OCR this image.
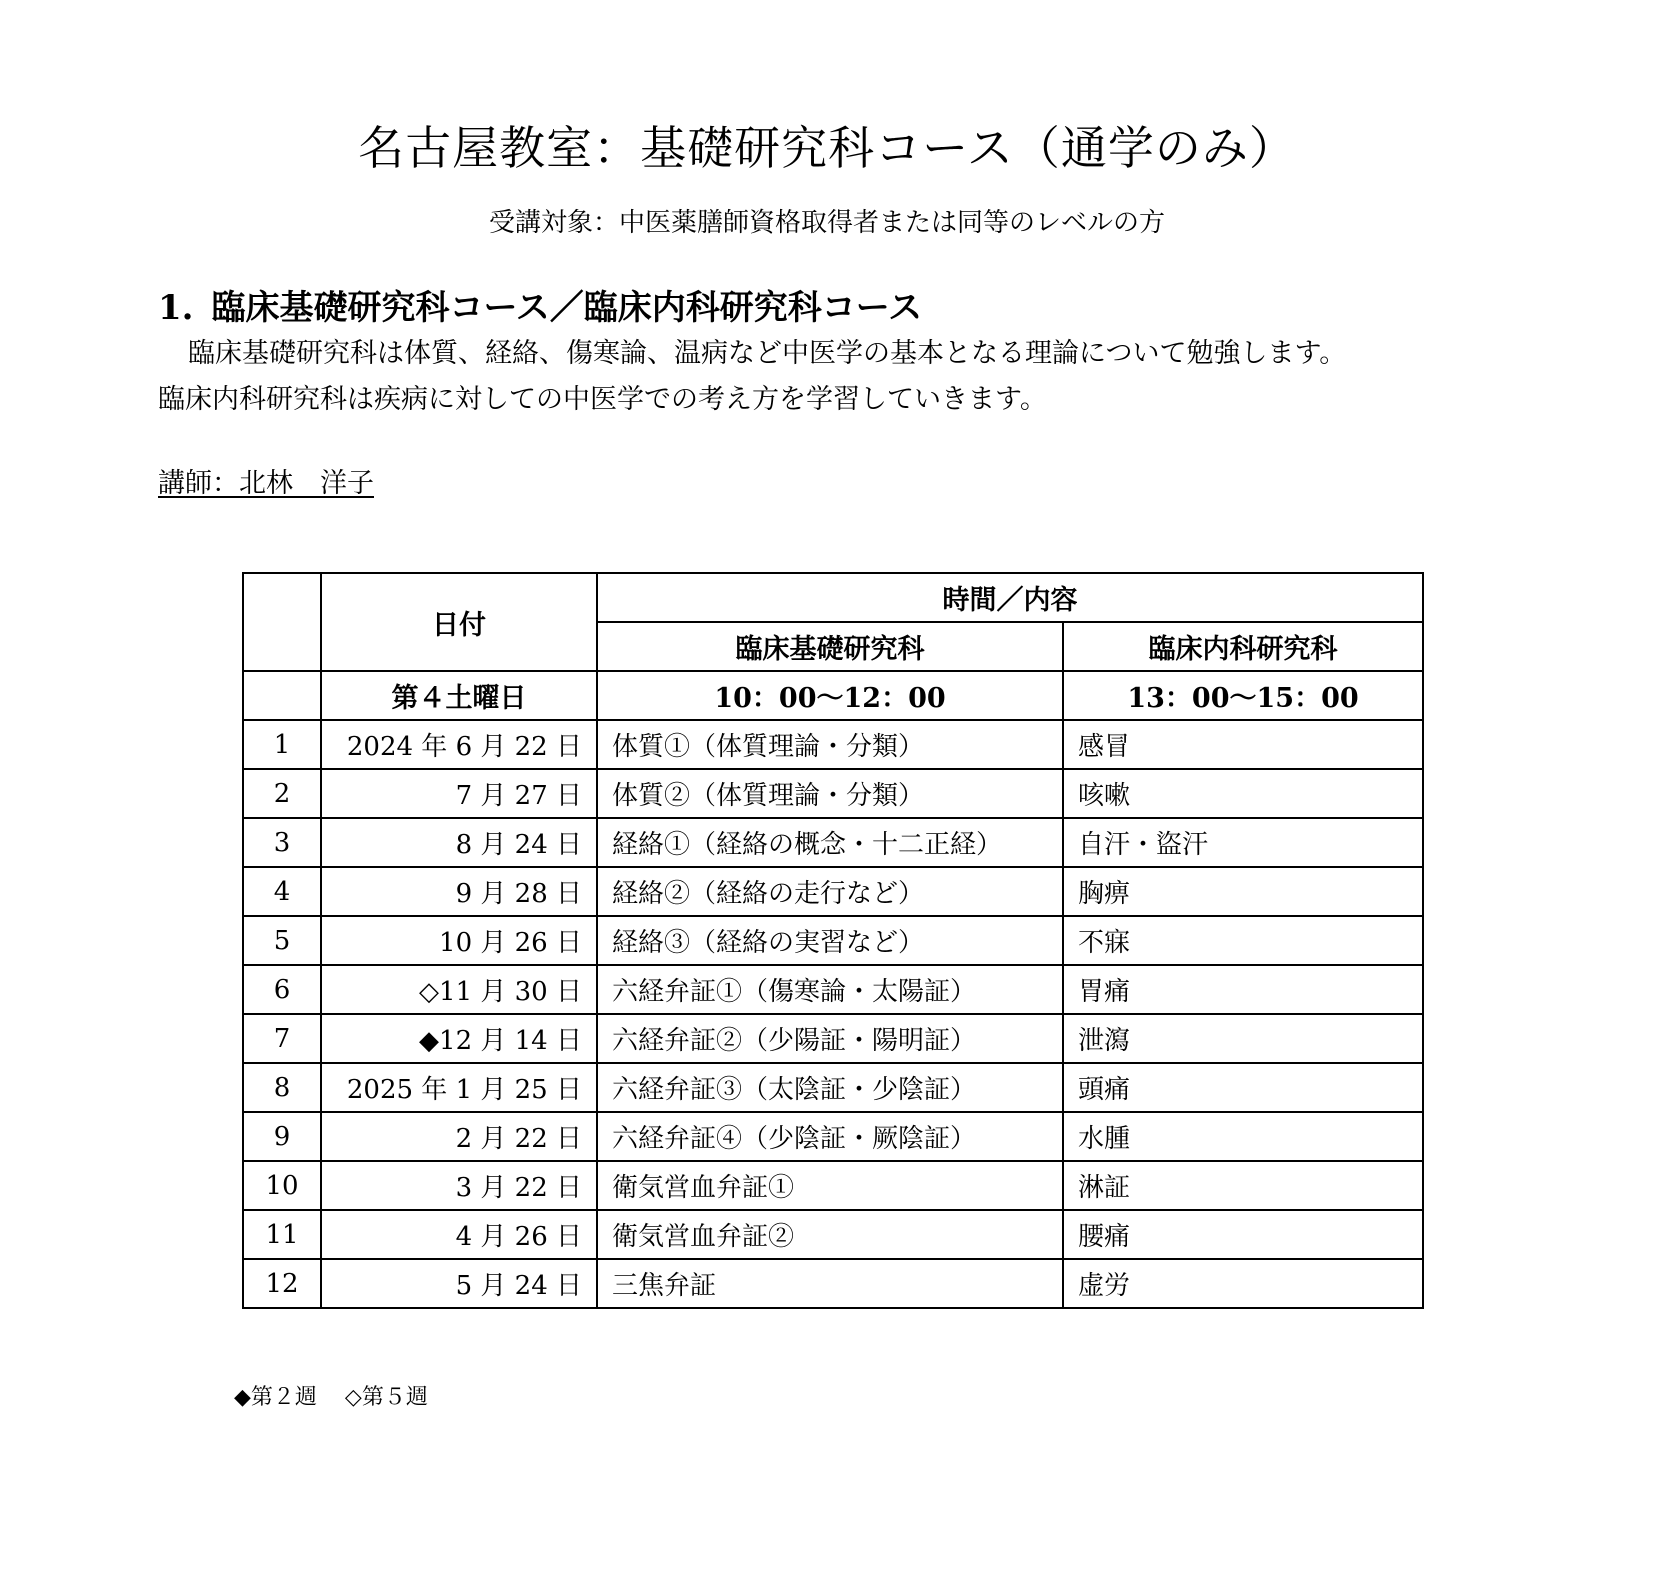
名古屋教室：基礎研究科コース（通学のみ）
受講対象：中医薬膳師資格取得者または同等のレベルの方
1. 臨床基礎研究科コース／臨床内科研究科コース
臨床基礎研究科は体質、経絡、傷寒論、温病など中医学の基本となる理論について勉強します。
臨床内科研究科は疾病に対しての中医学での考え方を学習していきます。
講師：北林　洋子
	日付	時間／内容	
		臨床基礎研究科	臨床内科研究科
	第４土曜日	10：00～12：00	13：00～15：00
1	2024 年 6 月 22 日	体質①（体質理論・分類）	感冒
2	7 月 27 日	体質②（体質理論・分類）	咳嗽
3	8 月 24 日	経絡①（経絡の概念・十二正経）	自汗・盜汗
4	9 月 28 日	経絡②（経絡の走行など）	胸痹
5	10 月 26 日	経絡③（経絡の実習など）	不寐
6	◇11 月 30 日	六経弁証①（傷寒論・太陽証）	胃痛
7	◆12 月 14 日	六経弁証②（少陽証・陽明証）	泄瀉
8	2025 年 1 月 25 日	六経弁証③（太陰証・少陰証）	頭痛
9	2 月 22 日	六経弁証④（少陰証・厥陰証）	水腫
10	3 月 22 日	衛気営血弁証①	淋証
11	4 月 26 日	衛気営血弁証②	腰痛
12	5 月 24 日	三焦弁証	虚労
◆第２週 ◇第５週
